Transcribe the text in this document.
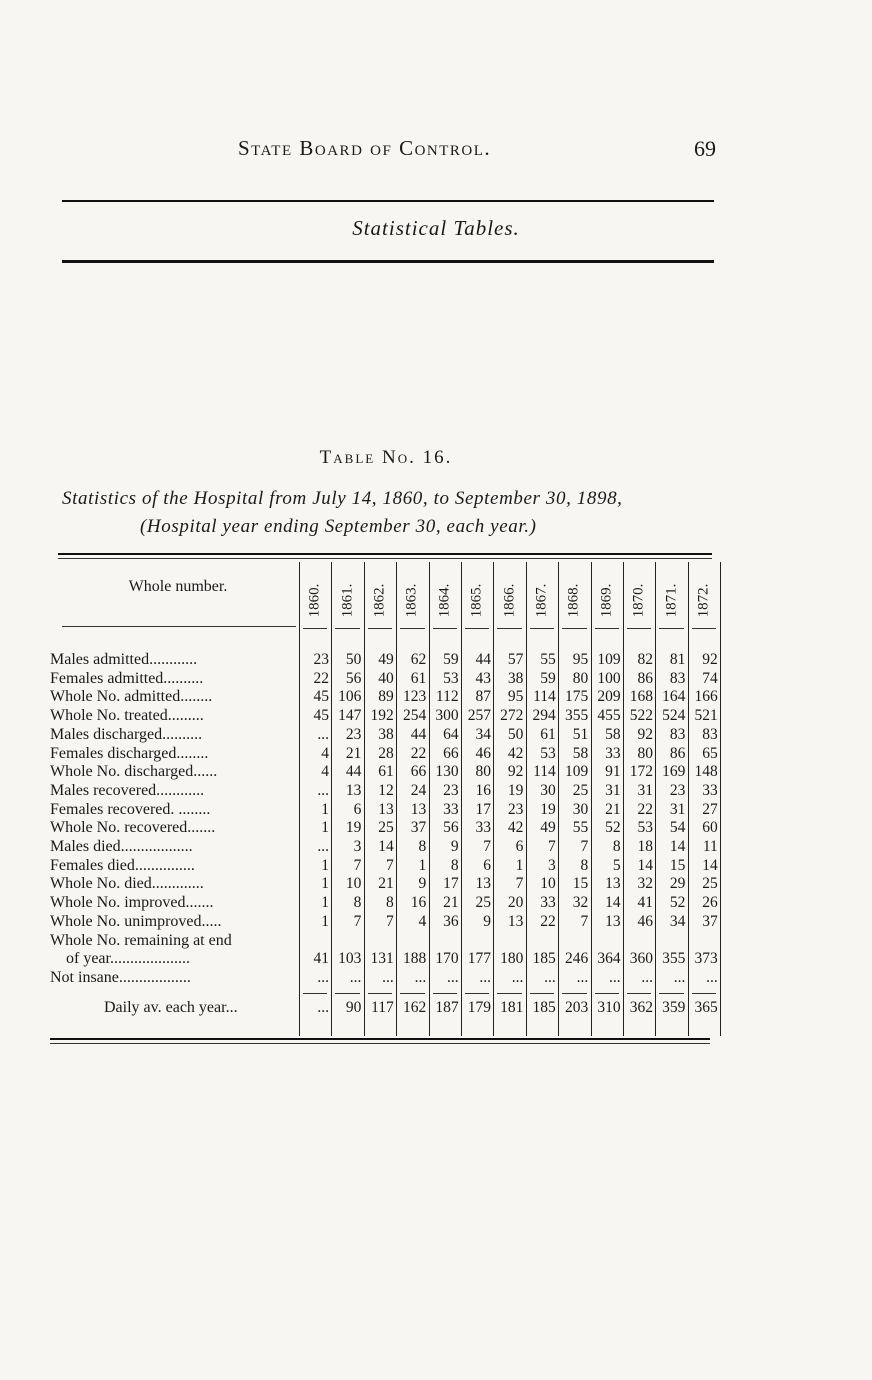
State Board of Control.	69
Statistical Tables.
Table No. 16.
Statistics of the Hospital from July 14, 1860, to September 30, 1898,
(Hospital year ending September 30, each year.)
Whole number.	1860. 1861. 1862. 1863. 1864. 1865. 1866. 1867. 1868. 1869. 1870. 1871. 1872.
Males admitted............	23	50	49	62	59	44	57	55	95 109	82	81	92
Females admitted..........	22	56	40	61	53	43	38	59	80 100	86	83	74
Whole No. admitted........	45 106	89 123 112	87	95 114 175 209 168 164 166
Whole No. treated.........	45 147 192 254 300 257 272 294 355 455 522 524 521
Males discharged..........	...	23	38	44	64	34	50	61	51	58	92	83	83
Females discharged........	4	21	28	22	66	46	42	53	58	33	80	86	65
Whole No. discharged......	4	44	61	66 130	80	92 114 109	91 172 169 148
Males recovered............	...	13	12	24	23	16	19	30	25	31	31	23	33
Females recovered. ........	1	6	13	13	33	17	23	19	30	21	22	31	27
Whole No. recovered.......	1	19	25	37	56	33	42	49	55	52	53	54	60
Males died..................	...	3	14	8	9	7	6	7	7	8	18	14	11
Females died...............	1	7	7	1	8	6	1	3	8	5	14	15	14
Whole No. died.............	1	10	21	9	17	13	7	10	15	13	32	29	25
Whole No. improved.......	1	8	8	16	21	25	20	33	32	14	41	52	26
Whole No. unimproved.....	1	7	7	4	36	9	13	22	7	13	46	34	37
Whole No. remaining at end
of year....................	41 103 131 188 170 177 180 185 246 364 360 355 373
Not insane..................	...	...	...	...	...	...	...	...	...	...	...	...	...
Daily av. each year...	...	90 117 162 187 179 181 185 203 310 362 359 365
